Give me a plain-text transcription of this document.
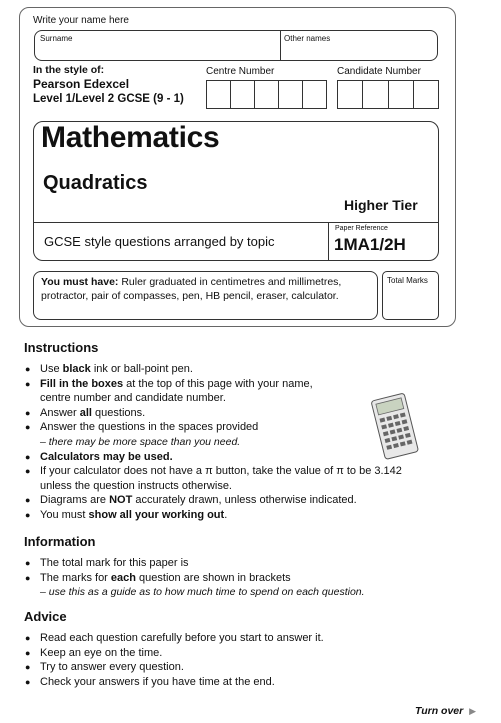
Write your name here
Surname	Other names
In the style of:
Pearson Edexcel
Level 1/Level 2 GCSE (9 - 1)
Centre Number	Candidate Number
Mathematics
Quadratics
Higher Tier
GCSE style questions arranged by topic
Paper Reference
1MA1/2H
You must have: Ruler graduated in centimetres and millimetres, protractor, pair of compasses, pen, HB pencil, eraser, calculator.
Total Marks
Instructions
● Use black ink or ball-point pen.
● Fill in the boxes at the top of this page with your name,
centre number and candidate number.
● Answer all questions.
● Answer the questions in the spaces provided
– there may be more space than you need.
● Calculators may be used.
● If your calculator does not have a π button, take the value of π to be 3.142
unless the question instructs otherwise.
● Diagrams are NOT accurately drawn, unless otherwise indicated.
● You must show all your working out.
Information
● The total mark for this paper is
● The marks for each question are shown in brackets
– use this as a guide as to how much time to spend on each question.
Advice
● Read each question carefully before you start to answer it.
● Keep an eye on the time.
● Try to answer every question.
● Check your answers if you have time at the end.
Turn over ▶
